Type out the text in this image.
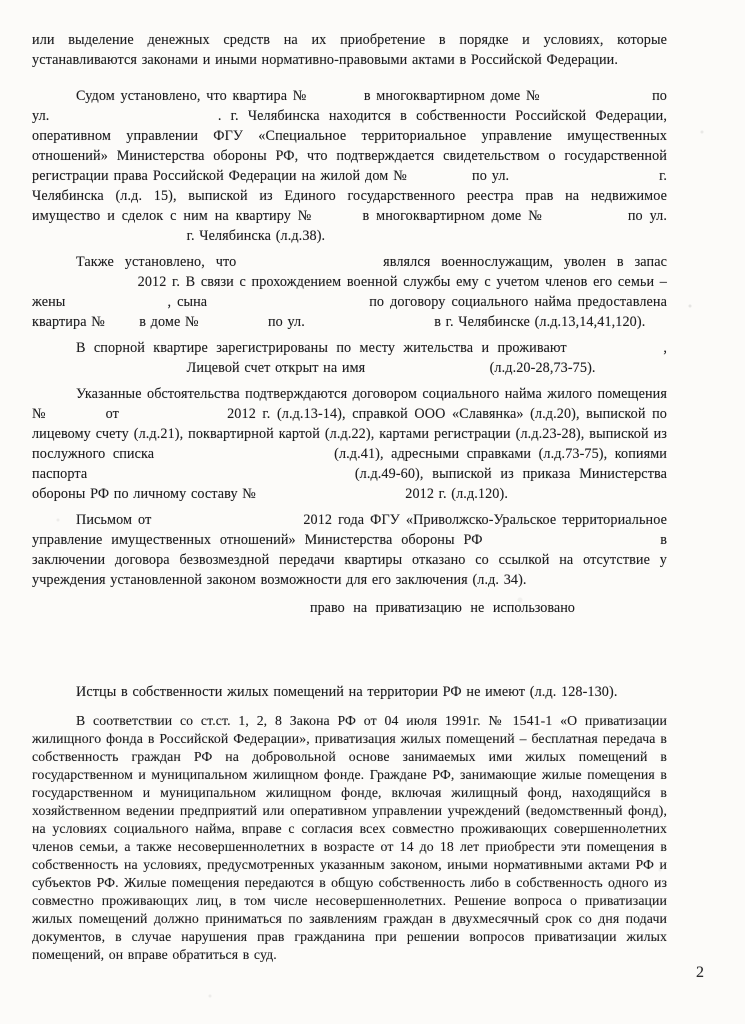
или выделение денежных средств на их приобретение в порядке и условиях, которые устанавливаются законами и иными нормативно-правовыми актами в Российской Федерации.

Судом установлено, что квартира №	в многоквартирном доме №	по ул.	. г. Челябинска находится в собственности Российской Федерации, оперативном управлении ФГУ «Специальное территориальное управление имущественных отношений» Министерства обороны РФ, что подтверждается свидетельством о государственной регистрации права Российской Федерации на жилой дом №	по ул.	г. Челябинска (л.д. 15), выпиской из Единого государственного реестра прав на недвижимое имущество и сделок с ним на квартиру №	в многоквартирном доме №	по ул.  г. Челябинска (л.д.38).

Также установлено, что	являлся военнослужащим, уволен в запас  2012 г. В связи с прохождением военной службы ему с учетом членов его семьи – жены	, сына	по договору социального найма предоставлена квартира № в доме №	по ул.	в г. Челябинске (л.д.13,14,41,120).

В спорной квартире зарегистрированы по месту жительства и проживают	,  Лицевой счет открыт на имя	(л.д.20-28,73-75).

Указанные обстоятельства подтверждаются договором социального найма жилого помещения №	от	2012 г. (л.д.13-14), справкой ООО «Славянка» (л.д.20), выпиской по лицевому счету (л.д.21), поквартирной картой (л.д.22), картами регистрации (л.д.23-28), выпиской из послужного списка	(л.д.41), адресными справками (л.д.73-75), копиями паспорта	(л.д.49-60), выпиской из приказа Министерства обороны РФ по личному составу №	2012 г. (л.д.120).

Письмом от	2012 года ФГУ «Приволжско-Уральское территориальное управление имущественных отношений» Министерства обороны РФ	в заключении договора безвозмездной передачи квартиры отказано со ссылкой на отсутствие у учреждения установленной законом возможности для его заключения (л.д. 34).

право на приватизацию не использовано

Истцы в собственности жилых помещений на территории РФ не имеют (л.д. 128-130).

В соответствии со ст.ст. 1, 2, 8 Закона РФ от 04 июля 1991г. № 1541-1 «О приватизации жилищного фонда в Российской Федерации», приватизация жилых помещений – бесплатная передача в собственность граждан РФ на добровольной основе занимаемых ими жилых помещений в государственном и муниципальном жилищном фонде. Граждане РФ, занимающие жилые помещения в государственном и муниципальном жилищном фонде, включая жилищный фонд, находящийся в хозяйственном ведении предприятий или оперативном управлении учреждений (ведомственный фонд), на условиях социального найма, вправе с согласия всех совместно проживающих совершеннолетних членов семьи, а также несовершеннолетних в возрасте от 14 до 18 лет приобрести эти помещения в собственность на условиях, предусмотренных указанным законом, иными нормативными актами РФ и субъектов РФ. Жилые помещения передаются в общую собственность либо в собственность одного из совместно проживающих лиц, в том числе несовершеннолетних. Решение вопроса о приватизации жилых помещений должно приниматься по заявлениям граждан в двухмесячный срок со дня подачи документов, в случае нарушения прав гражданина при решении вопросов приватизации жилых помещений, он вправе обратиться в суд.

2
